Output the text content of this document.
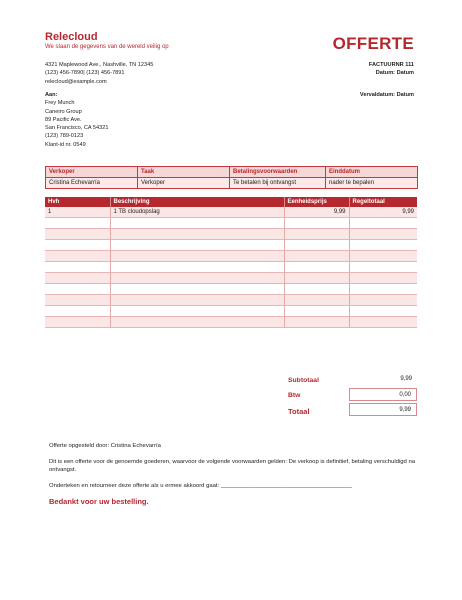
Relecloud
We slaan de gegevens van de wereld veilig op	OFFERTE
4321 Maplewood Ave., Nashville, TN 12345
(123) 456-7890| (123) 456-7891
relecloud@example.com
FACTUURNR 111
Datum: Datum
Aan:
Frey Munch
Caneiro Group
89 Pacific Ave.
San Francisco, CA 54321
(123) 789-0123
Klant-id nr. 0549
Vervaldatum: Datum
Verkoper	Taak	Betalingsvoorwaarden	Einddatum
Cristina Echevarría	Verkoper	Te betalen bij ontvangst	nader te bepalen
Hvh	Beschrijving	Eenheidsprijs	Regeltotaal
1	1 TB cloudopslag	9,99	9,99

Subtotaal	9,99
Btw	0,00
Totaal	9,99

Offerte opgesteld door: Cristina Echevarría

Dit is een offerte voor de genoemde goederen, waarvoor de volgende voorwaarden gelden: De verkoop is definitief, betaling verschuldigd na ontvangst.

Onderteken en retourneer deze offerte als u ermee akkoord gaat: ________________________________________

Bedankt voor uw bestelling.
